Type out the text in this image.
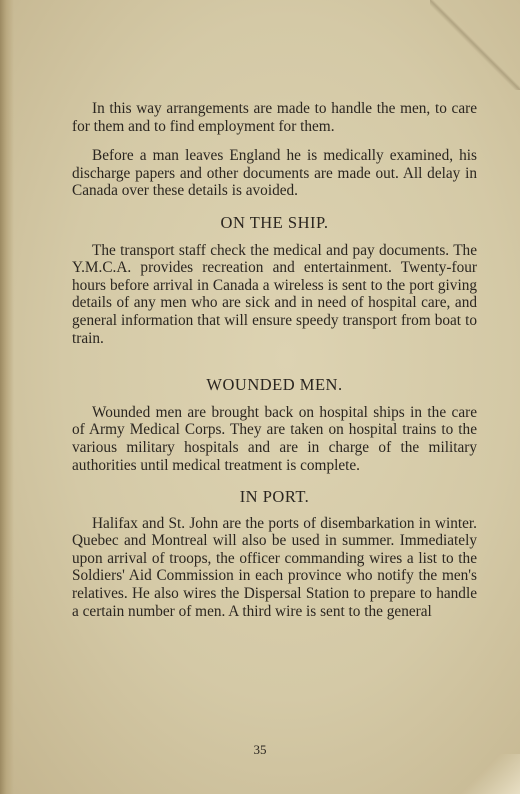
In this way arrangements are made to handle the men, to care for them and to find employment for them.

Before a man leaves England he is medically examined, his discharge papers and other documents are made out. All delay in Canada over these details is avoided.

ON THE SHIP.

The transport staff check the medical and pay documents. The Y.M.C.A. provides recreation and entertainment. Twenty-four hours before arrival in Canada a wireless is sent to the port giving details of any men who are sick and in need of hospital care, and general information that will ensure speedy transport from boat to train.

WOUNDED MEN.

Wounded men are brought back on hospital ships in the care of Army Medical Corps. They are taken on hospital trains to the various military hospitals and are in charge of the military authorities until medical treatment is complete.

IN PORT.

Halifax and St. John are the ports of disembarkation in winter. Quebec and Montreal will also be used in summer. Immediately upon arrival of troops, the officer commanding wires a list to the Soldiers' Aid Commission in each province who notify the men's relatives. He also wires the Dispersal Station to prepare to handle a certain number of men. A third wire is sent to the general

35
